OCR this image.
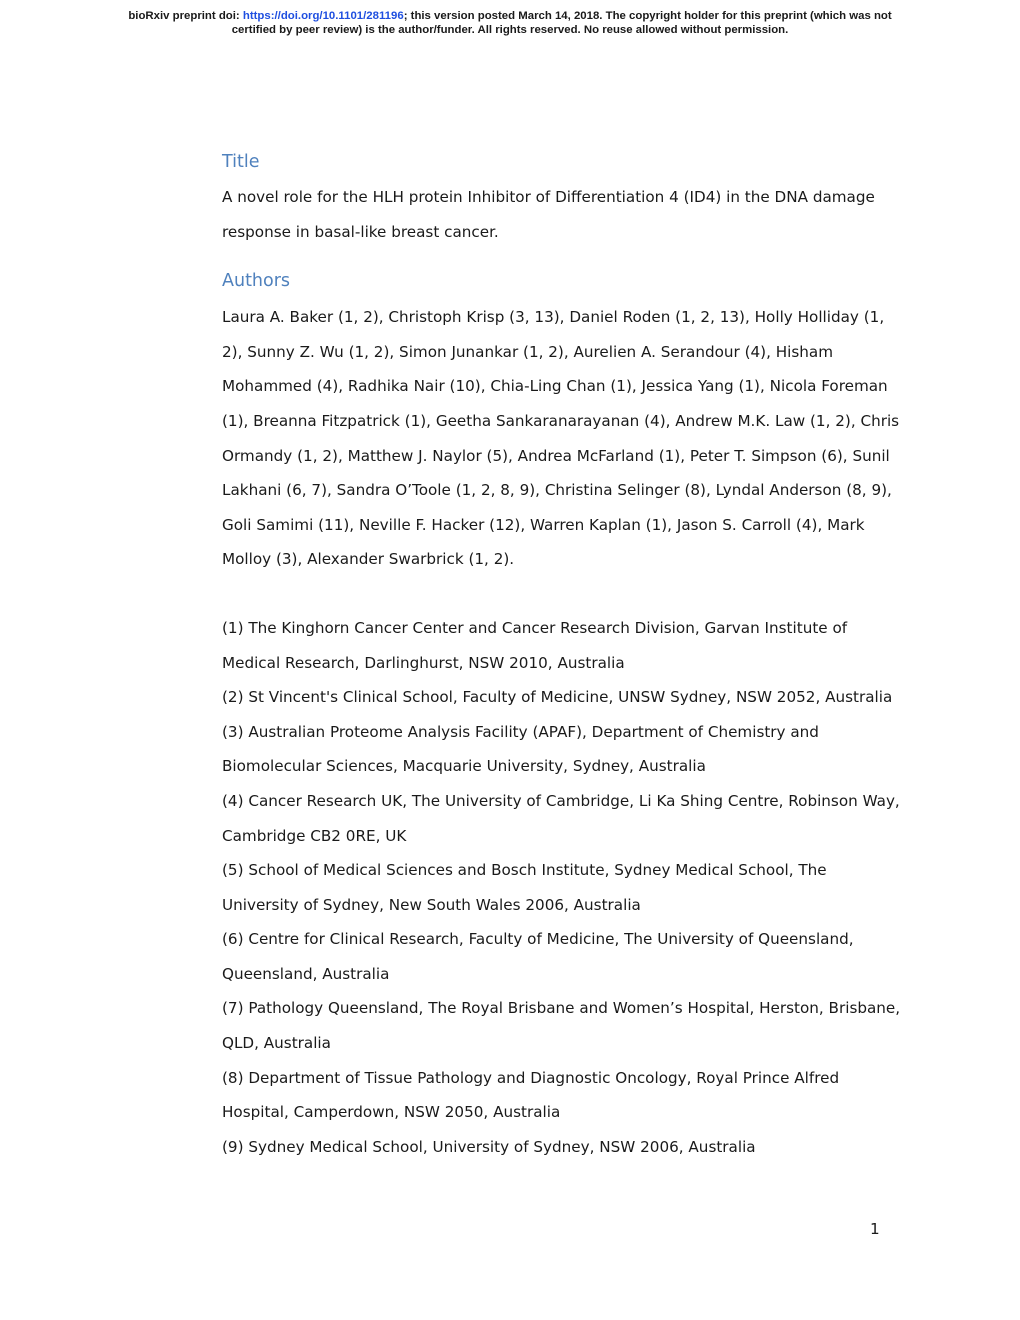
bioRxiv preprint doi: https://doi.org/10.1101/281196; this version posted March 14, 2018. The copyright holder for this preprint (which was not
certified by peer review) is the author/funder. All rights reserved. No reuse allowed without permission.
Title

A novel role for the HLH protein Inhibitor of Differentiation 4 (ID4) in the DNA damage response in basal-like breast cancer.

Authors

Laura A. Baker (1, 2), Christoph Krisp (3, 13), Daniel Roden (1, 2, 13), Holly Holliday (1, 2), Sunny Z. Wu (1, 2), Simon Junankar (1, 2), Aurelien A. Serandour (4), Hisham Mohammed (4), Radhika Nair (10), Chia-Ling Chan (1), Jessica Yang (1), Nicola Foreman (1), Breanna Fitzpatrick (1), Geetha Sankaranarayanan (4), Andrew M.K. Law (1, 2), Chris Ormandy (1, 2), Matthew J. Naylor (5), Andrea McFarland (1), Peter T. Simpson (6), Sunil Lakhani (6, 7), Sandra O’Toole (1, 2, 8, 9), Christina Selinger (8), Lyndal Anderson (8, 9), Goli Samimi (11), Neville F. Hacker (12), Warren Kaplan (1), Jason S. Carroll (4), Mark Molloy (3), Alexander Swarbrick (1, 2).

(1) The Kinghorn Cancer Center and Cancer Research Division, Garvan Institute of Medical Research, Darlinghurst, NSW 2010, Australia

(2) St Vincent's Clinical School, Faculty of Medicine, UNSW Sydney, NSW 2052, Australia

(3) Australian Proteome Analysis Facility (APAF), Department of Chemistry and Biomolecular Sciences, Macquarie University, Sydney, Australia

(4) Cancer Research UK, The University of Cambridge, Li Ka Shing Centre, Robinson Way, Cambridge CB2 0RE, UK

(5) School of Medical Sciences and Bosch Institute, Sydney Medical School, The University of Sydney, New South Wales 2006, Australia

(6) Centre for Clinical Research, Faculty of Medicine, The University of Queensland, Queensland, Australia

(7) Pathology Queensland, The Royal Brisbane and Women’s Hospital, Herston, Brisbane, QLD, Australia

(8) Department of Tissue Pathology and Diagnostic Oncology, Royal Prince Alfred Hospital, Camperdown, NSW 2050, Australia

(9) Sydney Medical School, University of Sydney, NSW 2006, Australia

1
